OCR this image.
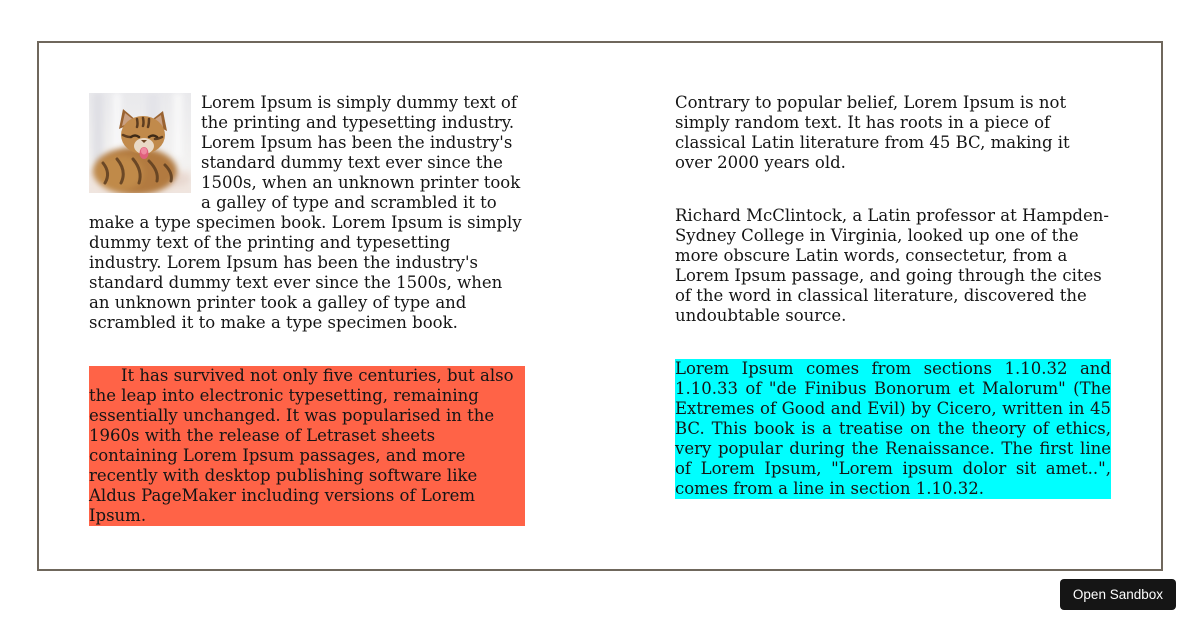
Lorem Ipsum is simply dummy text of the printing and typesetting industry. Lorem Ipsum has been the industry's standard dummy text ever since the 1500s, when an unknown printer took a galley of type and scrambled it to make a type specimen book. Lorem Ipsum is simply dummy text of the printing and typesetting industry. Lorem Ipsum has been the industry's standard dummy text ever since the 1500s, when an unknown printer took a galley of type and scrambled it to make a type specimen book.

It has survived not only five centuries, but also the leap into electronic typesetting, remaining essentially unchanged. It was popularised in the 1960s with the release of Letraset sheets containing Lorem Ipsum passages, and more recently with desktop publishing software like Aldus PageMaker including versions of Lorem Ipsum.

Contrary to popular belief, Lorem Ipsum is not simply random text. It has roots in a piece of classical Latin literature from 45 BC, making it over 2000 years old.

Richard McClintock, a Latin professor at Hampden-Sydney College in Virginia, looked up one of the more obscure Latin words, consectetur, from a Lorem Ipsum passage, and going through the cites of the word in classical literature, discovered the undoubtable source.

Lorem Ipsum comes from sections 1.10.32 and 1.10.33 of "de Finibus Bonorum et Malorum" (The Extremes of Good and Evil) by Cicero, written in 45 BC. This book is a treatise on the theory of ethics, very popular during the Renaissance. The first line of Lorem Ipsum, "Lorem ipsum dolor sit amet..", comes from a line in section 1.10.32.

Open Sandbox
